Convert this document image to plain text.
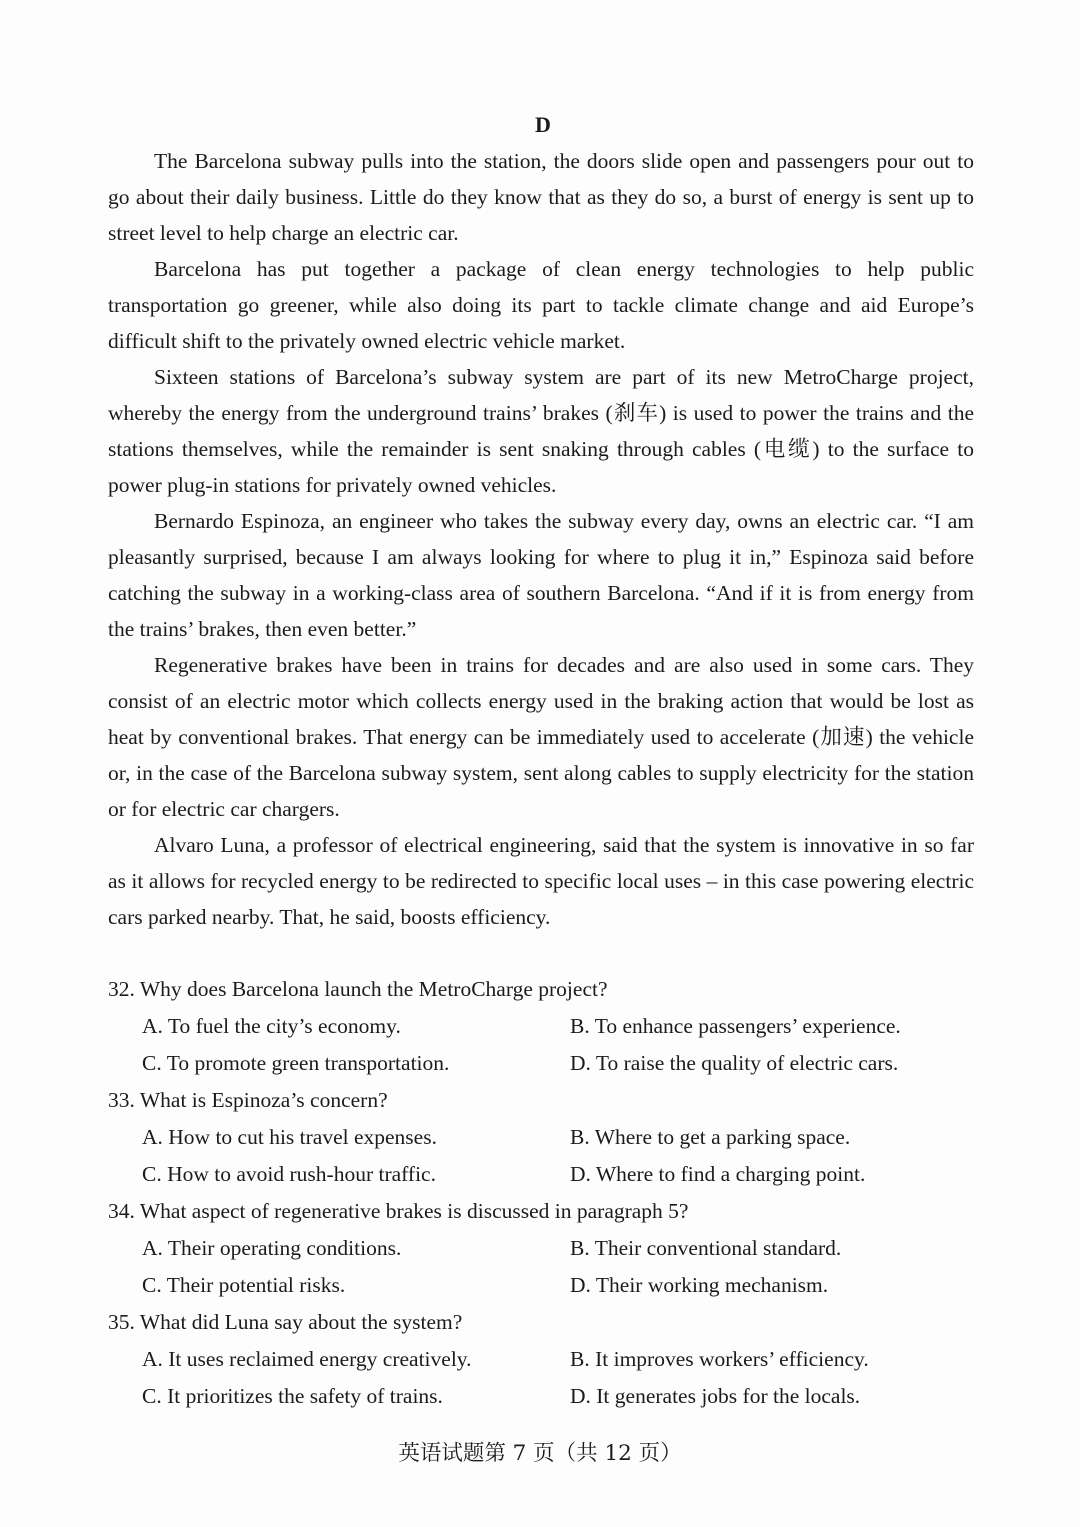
D

The Barcelona subway pulls into the station, the doors slide open and passengers pour out to go about their daily business. Little do they know that as they do so, a burst of energy is sent up to street level to help charge an electric car.

Barcelona has put together a package of clean energy technologies to help public transportation go greener, while also doing its part to tackle climate change and aid Europe’s difficult shift to the privately owned electric vehicle market.

Sixteen stations of Barcelona’s subway system are part of its new MetroCharge project, whereby the energy from the underground trains’ brakes (刹车) is used to power the trains and the stations themselves, while the remainder is sent snaking through cables (电缆) to the surface to power plug-in stations for privately owned vehicles.

Bernardo Espinoza, an engineer who takes the subway every day, owns an electric car. “I am pleasantly surprised, because I am always looking for where to plug it in,” Espinoza said before catching the subway in a working-class area of southern Barcelona. “And if it is from energy from the trains’ brakes, then even better.”

Regenerative brakes have been in trains for decades and are also used in some cars. They consist of an electric motor which collects energy used in the braking action that would be lost as heat by conventional brakes. That energy can be immediately used to accelerate (加速) the vehicle or, in the case of the Barcelona subway system, sent along cables to supply electricity for the station or for electric car chargers.

Alvaro Luna, a professor of electrical engineering, said that the system is innovative in so far as it allows for recycled energy to be redirected to specific local uses – in this case powering electric cars parked nearby. That, he said, boosts efficiency.

32. Why does Barcelona launch the MetroCharge project?
A. To fuel the city’s economy.	B. To enhance passengers’ experience.
C. To promote green transportation.	D. To raise the quality of electric cars.
33. What is Espinoza’s concern?
A. How to cut his travel expenses.	B. Where to get a parking space.
C. How to avoid rush-hour traffic.	D. Where to find a charging point.
34. What aspect of regenerative brakes is discussed in paragraph 5?
A. Their operating conditions.	B. Their conventional standard.
C. Their potential risks.	D. Their working mechanism.
35. What did Luna say about the system?
A. It uses reclaimed energy creatively.	B. It improves workers’ efficiency.
C. It prioritizes the safety of trains.	D. It generates jobs for the locals.
英语试题第 7 页（共 12 页）
